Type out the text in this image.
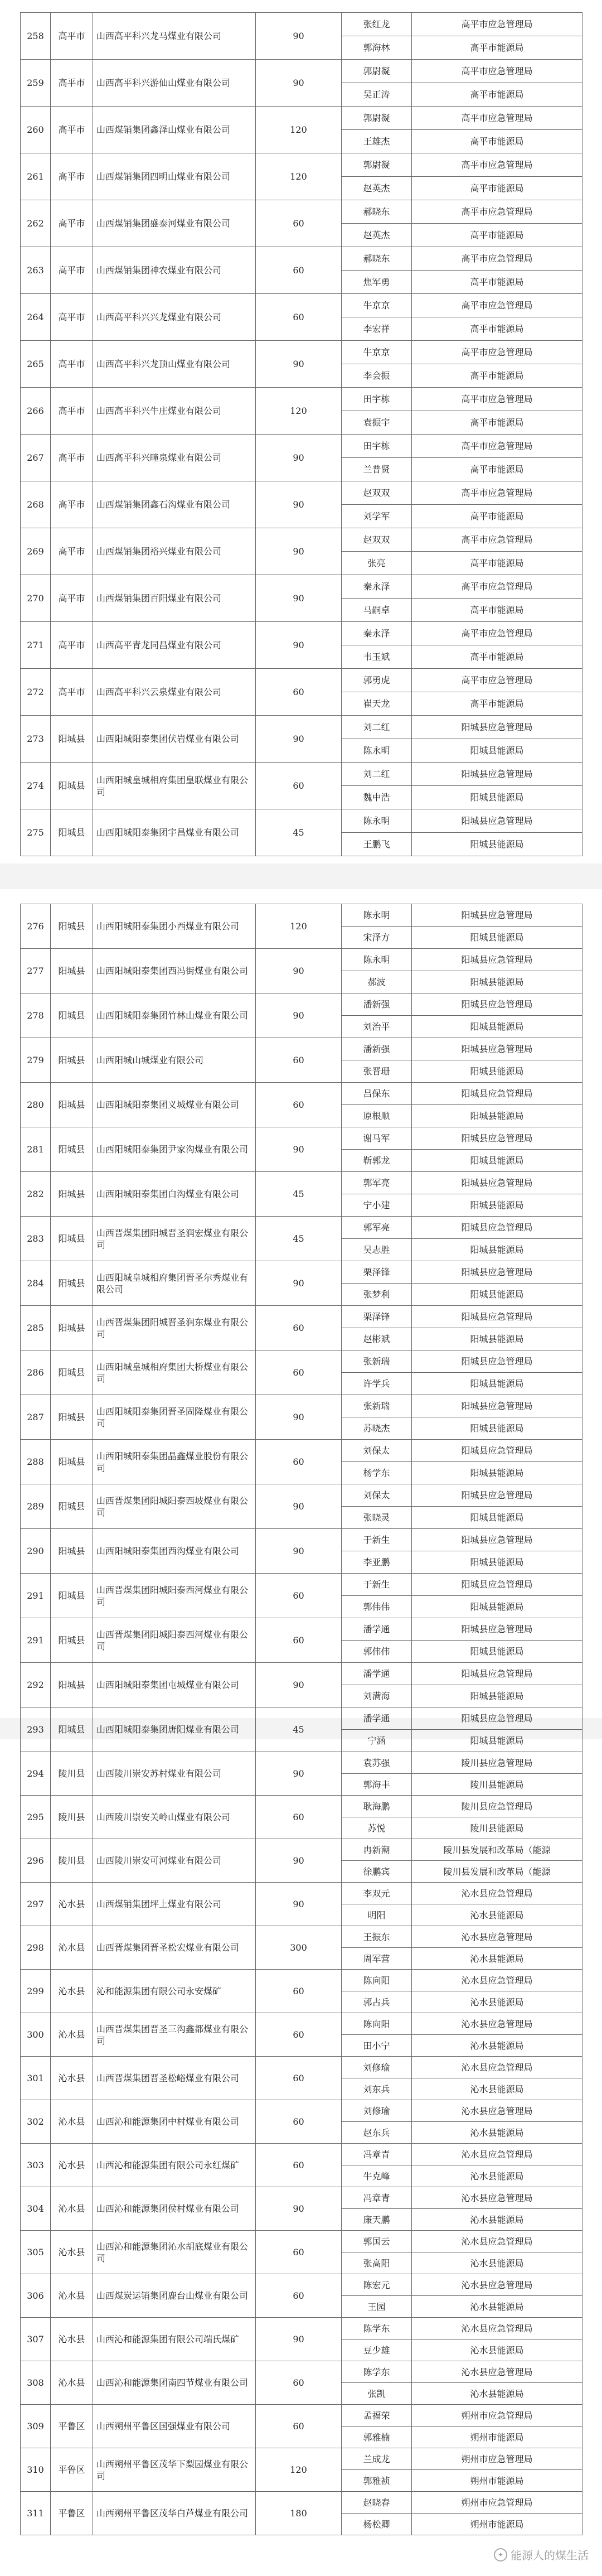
258	高平市	山西高平科兴龙马煤业有限公司	90	张红龙	高平市应急管理局
				郭海林	高平市能源局
259	高平市	山西高平科兴游仙山煤业有限公司	90	郭尉凝	高平市应急管理局
				吴正涛	高平市能源局
260	高平市	山西煤销集团鑫泽山煤业有限公司	120	郭尉凝	高平市应急管理局
				王雄杰	高平市能源局
261	高平市	山西煤销集团四明山煤业有限公司	120	郭尉凝	高平市应急管理局
				赵英杰	高平市能源局
262	高平市	山西煤销集团盛泰河煤业有限公司	60	郝晓东	高平市应急管理局
				赵英杰	高平市能源局
263	高平市	山西煤销集团神农煤业有限公司	60	郝晓东	高平市应急管理局
				焦军勇	高平市能源局
264	高平市	山西高平科兴兴龙煤业有限公司	60	牛京京	高平市应急管理局
				李宏祥	高平市能源局
265	高平市	山西高平科兴龙顶山煤业有限公司	90	牛京京	高平市应急管理局
				李会振	高平市能源局
266	高平市	山西高平科兴牛庄煤业有限公司	120	田宇栋	高平市应急管理局
				袁振宇	高平市能源局
267	高平市	山西高平科兴疃泉煤业有限公司	90	田宇栋	高平市应急管理局
				兰普贤	高平市能源局
268	高平市	山西煤销集团鑫石沟煤业有限公司	90	赵双双	高平市应急管理局
				刘学军	高平市能源局
269	高平市	山西煤销集团裕兴煤业有限公司	90	赵双双	高平市应急管理局
				张亮	高平市能源局
270	高平市	山西煤销集团百阳煤业有限公司	90	秦永泽	高平市应急管理局
				马嗣卓	高平市能源局
271	高平市	山西高平青龙同昌煤业有限公司	90	秦永泽	高平市应急管理局
				韦玉斌	高平市能源局
272	高平市	山西高平科兴云泉煤业有限公司	60	郭勇虎	高平市应急管理局
				崔天龙	高平市能源局
273	阳城县	山西阳城阳泰集团伏岩煤业有限公司	90	刘二红	阳城县应急管理局
				陈永明	阳城县能源局
274	阳城县	山西阳城皇城相府集团皇联煤业有限公司	60	刘二红	阳城县应急管理局
				魏中浩	阳城县能源局
275	阳城县	山西阳城阳泰集团宇昌煤业有限公司	45	陈永明	阳城县应急管理局
				王鹏飞	阳城县能源局
276	阳城县	山西阳城阳泰集团小西煤业有限公司	120	陈永明	阳城县应急管理局
				宋泽方	阳城县能源局
277	阳城县	山西阳城阳泰集团西冯街煤业有限公司	90	陈永明	阳城县应急管理局
				郝波	阳城县能源局
278	阳城县	山西阳城阳泰集团竹林山煤业有限公司	90	潘新强	阳城县应急管理局
				刘治平	阳城县能源局
279	阳城县	山西阳城山城煤业有限公司	60	潘新强	阳城县应急管理局
				张晋珊	阳城县能源局
280	阳城县	山西阳城阳泰集团义城煤业有限公司	60	吕保东	阳城县应急管理局
				原根顺	阳城县能源局
281	阳城县	山西阳城阳泰集团尹家沟煤业有限公司	90	谢马军	阳城县应急管理局
				靳郭龙	阳城县能源局
282	阳城县	山西阳城阳泰集团白沟煤业有限公司	45	郭军亮	阳城县应急管理局
				宁小建	阳城县能源局
283	阳城县	山西晋煤集团阳城晋圣润宏煤业有限公司	45	郭军亮	阳城县应急管理局
				吴志胜	阳城县能源局
284	阳城县	山西阳城皇城相府集团晋圣尔秀煤业有限公司	90	栗泽锋	阳城县应急管理局
				张梦利	阳城县能源局
285	阳城县	山西晋煤集团阳城晋圣润东煤业有限公司	60	栗泽锋	阳城县应急管理局
				赵彬斌	阳城县能源局
286	阳城县	山西阳城皇城相府集团大桥煤业有限公司	60	张新瑞	阳城县应急管理局
				许学兵	阳城县能源局
287	阳城县	山西阳城阳泰集团晋圣固隆煤业有限公司	90	张新瑞	阳城县应急管理局
				苏晓杰	阳城县能源局
288	阳城县	山西阳城阳泰集团晶鑫煤业股份有限公司	60	刘保太	阳城县应急管理局
				杨学东	阳城县能源局
289	阳城县	山西晋煤集团阳城阳泰西坡煤业有限公司	90	刘保太	阳城县应急管理局
				张晓灵	阳城县能源局
290	阳城县	山西阳城阳泰集团西沟煤业有限公司	90	于新生	阳城县应急管理局
				李亚鹏	阳城县能源局
291	阳城县	山西晋煤集团阳城阳泰西河煤业有限公司	60	于新生	阳城县应急管理局
				郭伟伟	阳城县能源局
291	阳城县	山西晋煤集团阳城阳泰西河煤业有限公司	60	潘学通	阳城县应急管理局
				郭伟伟	阳城县能源局
292	阳城县	山西阳城阳泰集团屯城煤业有限公司	90	潘学通	阳城县应急管理局
				刘满海	阳城县能源局
293	阳城县	山西阳城阳泰集团唐阳煤业有限公司	45	潘学通	阳城县应急管理局
				宁涵	阳城县能源局
294	陵川县	山西陵川崇安苏村煤业有限公司	90	袁苏强	陵川县应急管理局
				郭海丰	陵川县能源局
295	陵川县	山西陵川崇安关岭山煤业有限公司	60	耿海鹏	陵川县应急管理局
				苏悦	陵川县能源局
296	陵川县	山西陵川崇安可河煤业有限公司	90	冉新潮	陵川县发展和改革局（能源
				徐鹏宾	陵川县发展和改革局（能源
297	沁水县	山西煤销集团坪上煤业有限公司	90	李双元	沁水县应急管理局
				明阳	沁水县能源局
298	沁水县	山西晋煤集团晋圣松宏煤业有限公司	300	王振东	沁水县应急管理局
				周军营	沁水县能源局
299	沁水县	沁和能源集团有限公司永安煤矿	60	陈向阳	沁水县应急管理局
				郭占兵	沁水县能源局
300	沁水县	山西晋煤集团晋圣三沟鑫都煤业有限公司	60	陈向阳	沁水县应急管理局
				田小宁	沁水县能源局
301	沁水县	山西晋煤集团晋圣松峪煤业有限公司	60	刘修瑜	沁水县应急管理局
				刘东兵	沁水县能源局
302	沁水县	山西沁和能源集团中村煤业有限公司	60	刘修瑜	沁水县应急管理局
				赵东兵	沁水县能源局
303	沁水县	山西沁和能源集团有限公司永红煤矿	60	冯章青	沁水县应急管理局
				牛克峰	沁水县能源局
304	沁水县	山西沁和能源集团侯村煤业有限公司	90	冯章青	沁水县应急管理局
				廉天鹏	沁水县能源局
305	沁水县	山西沁和能源集团沁水胡底煤业有限公司	60	郭国云	沁水县应急管理局
				张高阳	沁水县能源局
306	沁水县	山西煤炭运销集团鹿台山煤业有限公司	60	陈宏元	沁水县应急管理局
				王园	沁水县能源局
307	沁水县	山西沁和能源集团有限公司端氏煤矿	90	陈学东	沁水县应急管理局
				豆少雄	沁水县能源局
308	沁水县	山西沁和能源集团南四节煤业有限公司	60	陈学东	沁水县应急管理局
				张凯	沁水县能源局
309	平鲁区	山西朔州平鲁区国强煤业有限公司	60	孟福荣	朔州市应急管理局
				郭雅楠	朔州市能源局
310	平鲁区	山西朔州平鲁区茂华下梨园煤业有限公司	120	兰成龙	朔州市应急管理局
				郭雅祯	朔州市能源局
311	平鲁区	山西朔州平鲁区茂华白芦煤业有限公司	180	赵晓春	朔州市应急管理局
				杨松卿	朔州市能源局
✦ 能源人的煤生活
